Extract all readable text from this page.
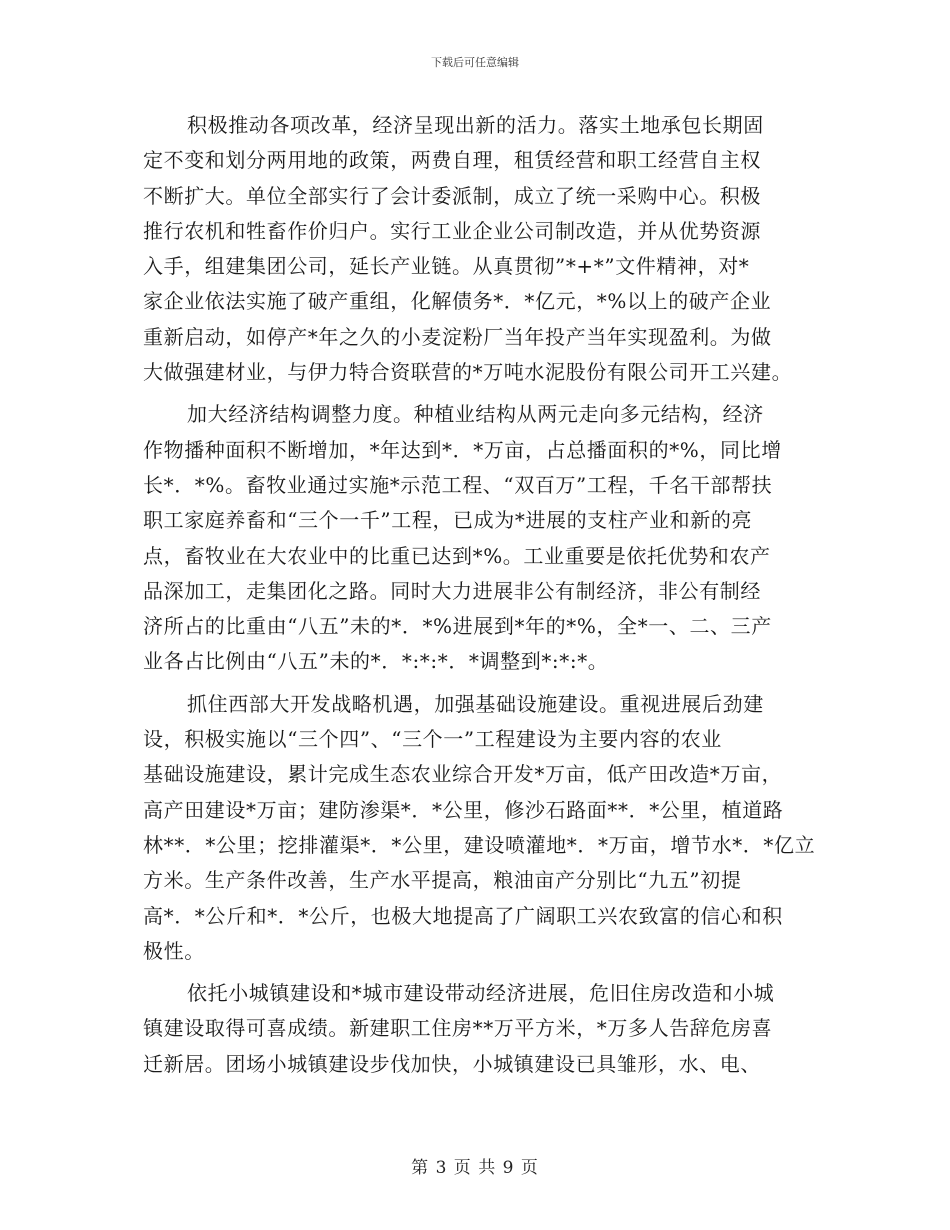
下载后可任意编辑
积极推动各项改革，经济呈现出新的活力。落实土地承包长期固
定不变和划分两用地的政策，两费自理，租赁经营和职工经营自主权
不断扩大。单位全部实行了会计委派制，成立了统一采购中心。积极
推行农机和牲畜作价归户。实行工业企业公司制改造，并从优势资源
入手，组建集团公司，延长产业链。从真贯彻”*+*”文件精神，对*
家企业依法实施了破产重组，化解债务*．*亿元，*%以上的破产企业
重新启动，如停产*年之久的小麦淀粉厂当年投产当年实现盈利。为做
大做强建材业，与伊力特合资联营的*万吨水泥股份有限公司开工兴建。
加大经济结构调整力度。种植业结构从两元走向多元结构，经济
作物播种面积不断增加，*年达到*．*万亩，占总播面积的*%，同比增
长*．*%。畜牧业通过实施*示范工程、“双百万”工程，千名干部帮扶
职工家庭养畜和“三个一千”工程，已成为*进展的支柱产业和新的亮
点，畜牧业在大农业中的比重已达到*%。工业重要是依托优势和农产
品深加工，走集团化之路。同时大力进展非公有制经济，非公有制经
济所占的比重由“八五”未的*．*%进展到*年的*%，全*一、二、三产
业各占比例由“八五”未的*．*:*:*．*调整到*:*:*。
抓住西部大开发战略机遇，加强基础设施建设。重视进展后劲建
设，积极实施以“三个四”、“三个一”工程建设为主要内容的农业
基础设施建设，累计完成生态农业综合开发*万亩，低产田改造*万亩，
高产田建设*万亩；建防渗渠*．*公里，修沙石路面**．*公里，植道路
林**．*公里；挖排灌渠*．*公里，建设喷灌地*．*万亩，增节水*．*亿立
方米。生产条件改善，生产水平提高，粮油亩产分别比“九五”初提
高*．*公斤和*．*公斤，也极大地提高了广阔职工兴农致富的信心和积
极性。
依托小城镇建设和*城市建设带动经济进展，危旧住房改造和小城
镇建设取得可喜成绩。新建职工住房**万平方米，*万多人告辞危房喜
迁新居。团场小城镇建设步伐加快，小城镇建设已具雏形，水、电、
第 3 页 共 9 页
